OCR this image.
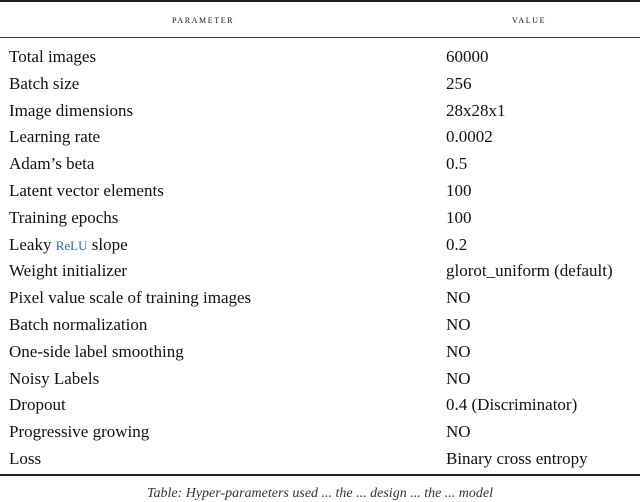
parameter	value
Total images	60000
Batch size	256
Image dimensions	28x28x1
Learning rate	0.0002
Adam’s beta	0.5
Latent vector elements	100
Training epochs	100
Leaky ReLU slope	0.2
Weight initializer	glorot_uniform (default)
Pixel value scale of training images	NO
Batch normalization	NO
One-side label smoothing	NO
Noisy Labels	NO
Dropout	0.4 (Discriminator)
Progressive growing	NO
Loss	Binary cross entropy
Table: Hyper-parameters used ... the ... design ... the ... model
